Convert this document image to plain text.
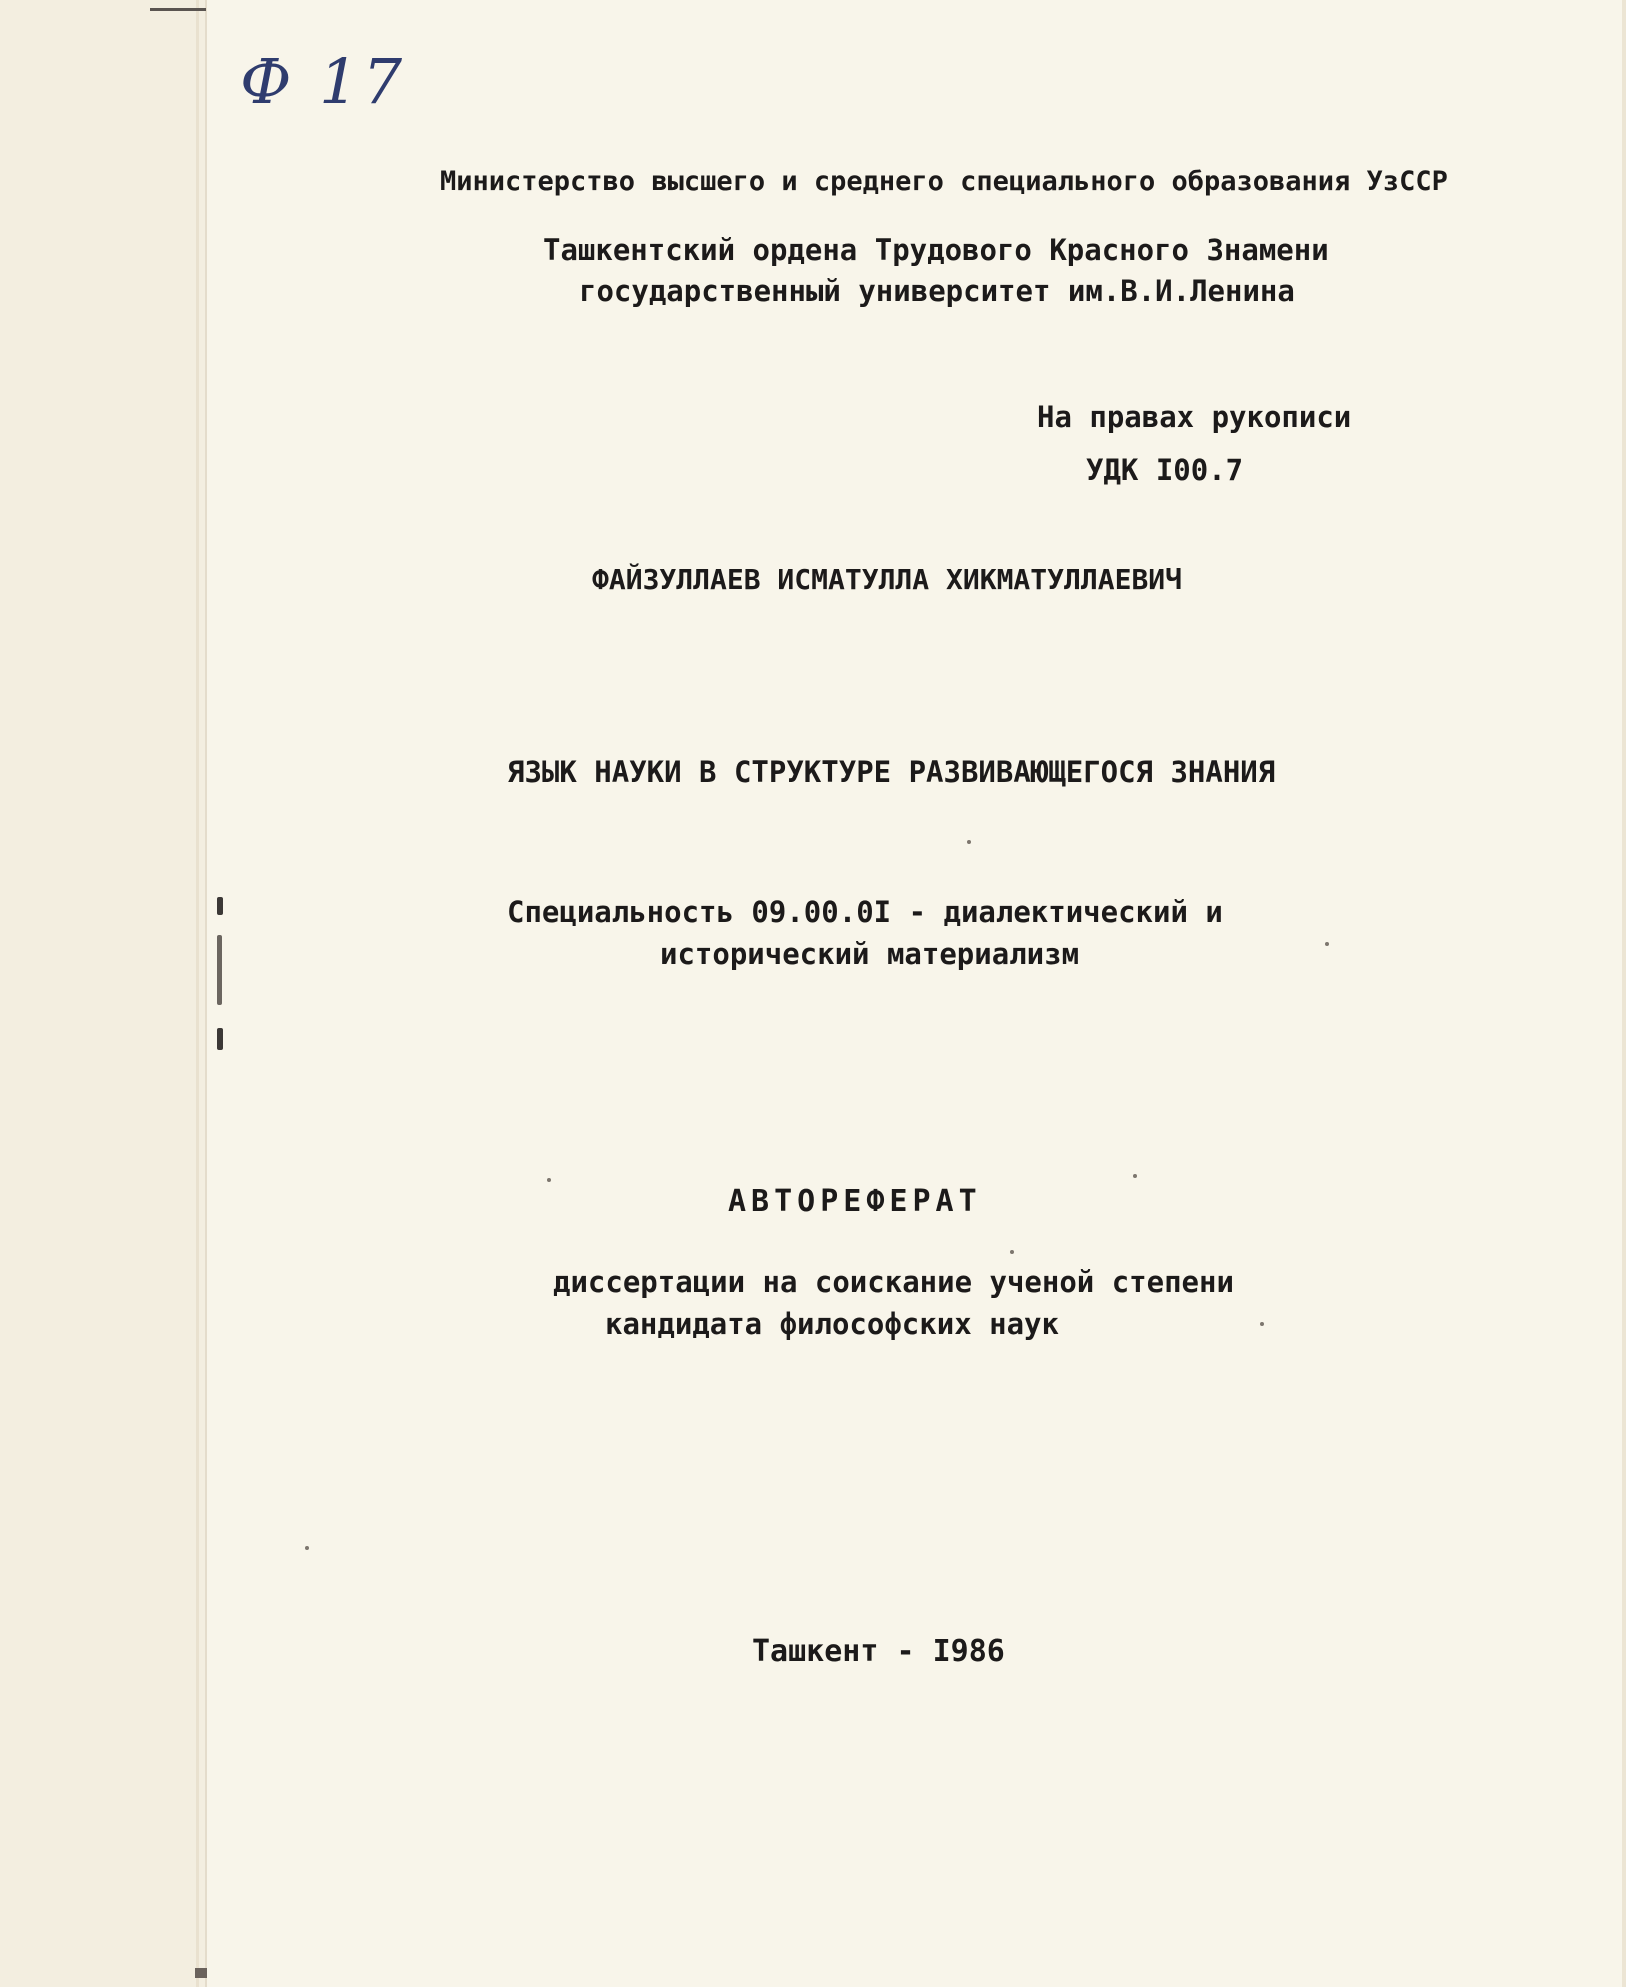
Ф 17
Министерство высшего и среднего специального образования УзССР
Ташкентский ордена Трудового Красного Знамени
государственный университет им.В.И.Ленина
На правах рукописи
УДК I00.7
ФАЙЗУЛЛАЕВ ИСМАТУЛЛА ХИКМАТУЛЛАЕВИЧ
ЯЗЫК НАУКИ В СТРУКТУРЕ РАЗВИВАЮЩЕГОСЯ ЗНАНИЯ
Специальность 09.00.0I - диалектический и
исторический материализм
АВТОРЕФЕРАТ
диссертации на соискание ученой степени
кандидата философских наук
Ташкент - I986
